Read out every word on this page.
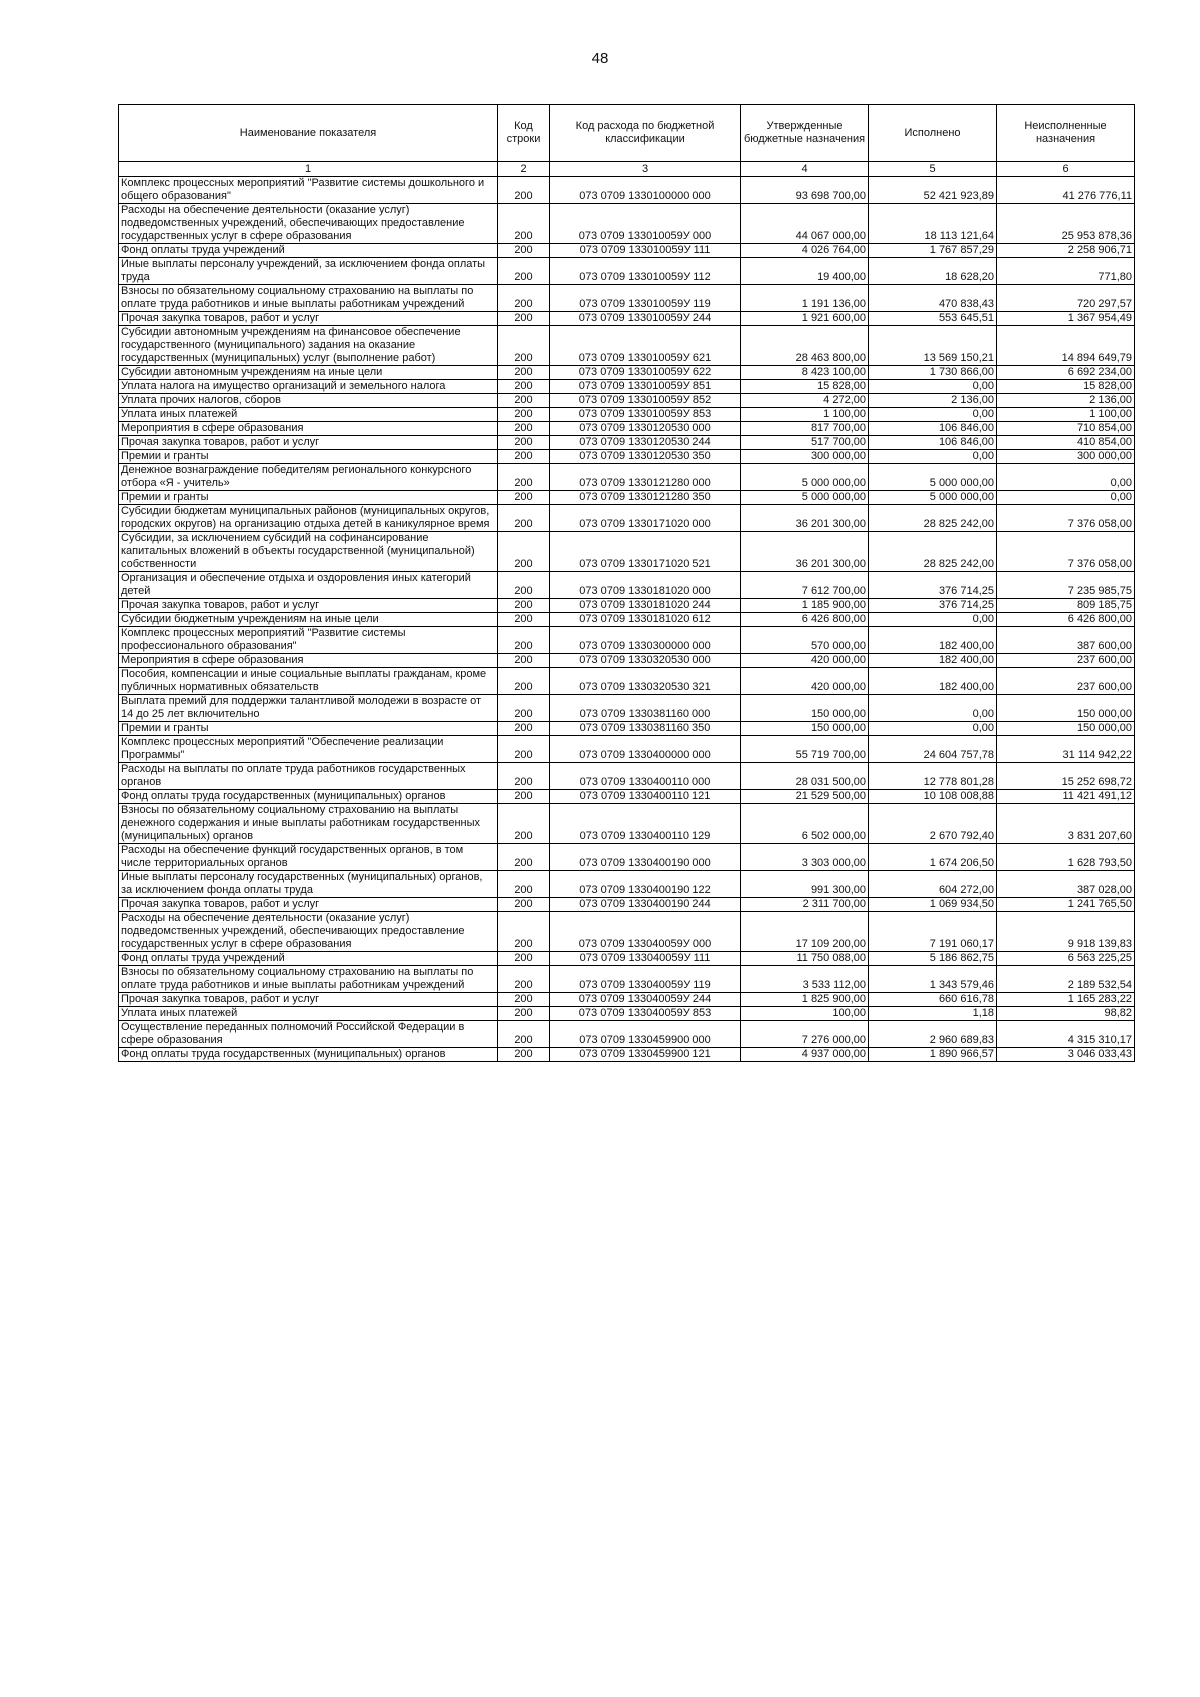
48
Наименование показателя	Код строки	Код расхода по бюджетной классификации	Утвержденные бюджетные назначения	Исполнено	Неисполненные назначения
1	2	3	4	5	6
Комплекс процессных мероприятий "Развитие системы дошкольного и общего образования"	200	073 0709 1330100000 000	93 698 700,00	52 421 923,89	41 276 776,11
Расходы на обеспечение деятельности (оказание услуг) подведомственных учреждений, обеспечивающих предоставление государственных услуг в сфере образования	200	073 0709 133010059У 000	44 067 000,00	18 113 121,64	25 953 878,36
Фонд оплаты труда учреждений	200	073 0709 133010059У 111	4 026 764,00	1 767 857,29	2 258 906,71
Иные выплаты персоналу учреждений, за исключением фонда оплаты труда	200	073 0709 133010059У 112	19 400,00	18 628,20	771,80
Взносы по обязательному социальному страхованию на выплаты по оплате труда работников и иные выплаты работникам учреждений	200	073 0709 133010059У 119	1 191 136,00	470 838,43	720 297,57
Прочая закупка товаров, работ и услуг	200	073 0709 133010059У 244	1 921 600,00	553 645,51	1 367 954,49
Субсидии автономным учреждениям на финансовое обеспечение государственного (муниципального) задания на оказание государственных (муниципальных) услуг (выполнение работ)	200	073 0709 133010059У 621	28 463 800,00	13 569 150,21	14 894 649,79
Субсидии автономным учреждениям на иные цели	200	073 0709 133010059У 622	8 423 100,00	1 730 866,00	6 692 234,00
Уплата налога на имущество организаций и земельного налога	200	073 0709 133010059У 851	15 828,00	0,00	15 828,00
Уплата прочих налогов, сборов	200	073 0709 133010059У 852	4 272,00	2 136,00	2 136,00
Уплата иных платежей	200	073 0709 133010059У 853	1 100,00	0,00	1 100,00
Мероприятия в сфере образования	200	073 0709 1330120530 000	817 700,00	106 846,00	710 854,00
Прочая закупка товаров, работ и услуг	200	073 0709 1330120530 244	517 700,00	106 846,00	410 854,00
Премии и гранты	200	073 0709 1330120530 350	300 000,00	0,00	300 000,00
Денежное вознаграждение победителям регионального конкурсного отбора «Я - учитель»	200	073 0709 1330121280 000	5 000 000,00	5 000 000,00	0,00
Премии и гранты	200	073 0709 1330121280 350	5 000 000,00	5 000 000,00	0,00
Субсидии бюджетам муниципальных районов (муниципальных округов, городских округов) на организацию отдыха детей в каникулярное время	200	073 0709 1330171020 000	36 201 300,00	28 825 242,00	7 376 058,00
Субсидии, за исключением субсидий на софинансирование капитальных вложений в объекты государственной (муниципальной) собственности	200	073 0709 1330171020 521	36 201 300,00	28 825 242,00	7 376 058,00
Организация и обеспечение отдыха и оздоровления иных категорий детей	200	073 0709 1330181020 000	7 612 700,00	376 714,25	7 235 985,75
Прочая закупка товаров, работ и услуг	200	073 0709 1330181020 244	1 185 900,00	376 714,25	809 185,75
Субсидии бюджетным учреждениям на иные цели	200	073 0709 1330181020 612	6 426 800,00	0,00	6 426 800,00
Комплекс процессных мероприятий "Развитие системы профессионального образования"	200	073 0709 1330300000 000	570 000,00	182 400,00	387 600,00
Мероприятия в сфере образования	200	073 0709 1330320530 000	420 000,00	182 400,00	237 600,00
Пособия, компенсации и иные социальные выплаты гражданам, кроме публичных нормативных обязательств	200	073 0709 1330320530 321	420 000,00	182 400,00	237 600,00
Выплата премий для поддержки талантливой молодежи в возрасте от 14 до 25 лет включительно	200	073 0709 1330381160 000	150 000,00	0,00	150 000,00
Премии и гранты	200	073 0709 1330381160 350	150 000,00	0,00	150 000,00
Комплекс процессных мероприятий "Обеспечение реализации Программы"	200	073 0709 1330400000 000	55 719 700,00	24 604 757,78	31 114 942,22
Расходы на выплаты по оплате труда работников государственных органов	200	073 0709 1330400110 000	28 031 500,00	12 778 801,28	15 252 698,72
Фонд оплаты труда государственных (муниципальных) органов	200	073 0709 1330400110 121	21 529 500,00	10 108 008,88	11 421 491,12
Взносы по обязательному социальному страхованию на выплаты денежного содержания и иные выплаты работникам государственных (муниципальных) органов	200	073 0709 1330400110 129	6 502 000,00	2 670 792,40	3 831 207,60
Расходы на обеспечение функций государственных органов, в том числе территориальных органов	200	073 0709 1330400190 000	3 303 000,00	1 674 206,50	1 628 793,50
Иные выплаты персоналу государственных (муниципальных) органов, за исключением фонда оплаты труда	200	073 0709 1330400190 122	991 300,00	604 272,00	387 028,00
Прочая закупка товаров, работ и услуг	200	073 0709 1330400190 244	2 311 700,00	1 069 934,50	1 241 765,50
Расходы на обеспечение деятельности (оказание услуг) подведомственных учреждений, обеспечивающих предоставление государственных услуг в сфере образования	200	073 0709 133040059У 000	17 109 200,00	7 191 060,17	9 918 139,83
Фонд оплаты труда учреждений	200	073 0709 133040059У 111	11 750 088,00	5 186 862,75	6 563 225,25
Взносы по обязательному социальному страхованию на выплаты по оплате труда работников и иные выплаты работникам учреждений	200	073 0709 133040059У 119	3 533 112,00	1 343 579,46	2 189 532,54
Прочая закупка товаров, работ и услуг	200	073 0709 133040059У 244	1 825 900,00	660 616,78	1 165 283,22
Уплата иных платежей	200	073 0709 133040059У 853	100,00	1,18	98,82
Осуществление переданных полномочий Российской Федерации в сфере образования	200	073 0709 1330459900 000	7 276 000,00	2 960 689,83	4 315 310,17
Фонд оплаты труда государственных (муниципальных) органов	200	073 0709 1330459900 121	4 937 000,00	1 890 966,57	3 046 033,43
